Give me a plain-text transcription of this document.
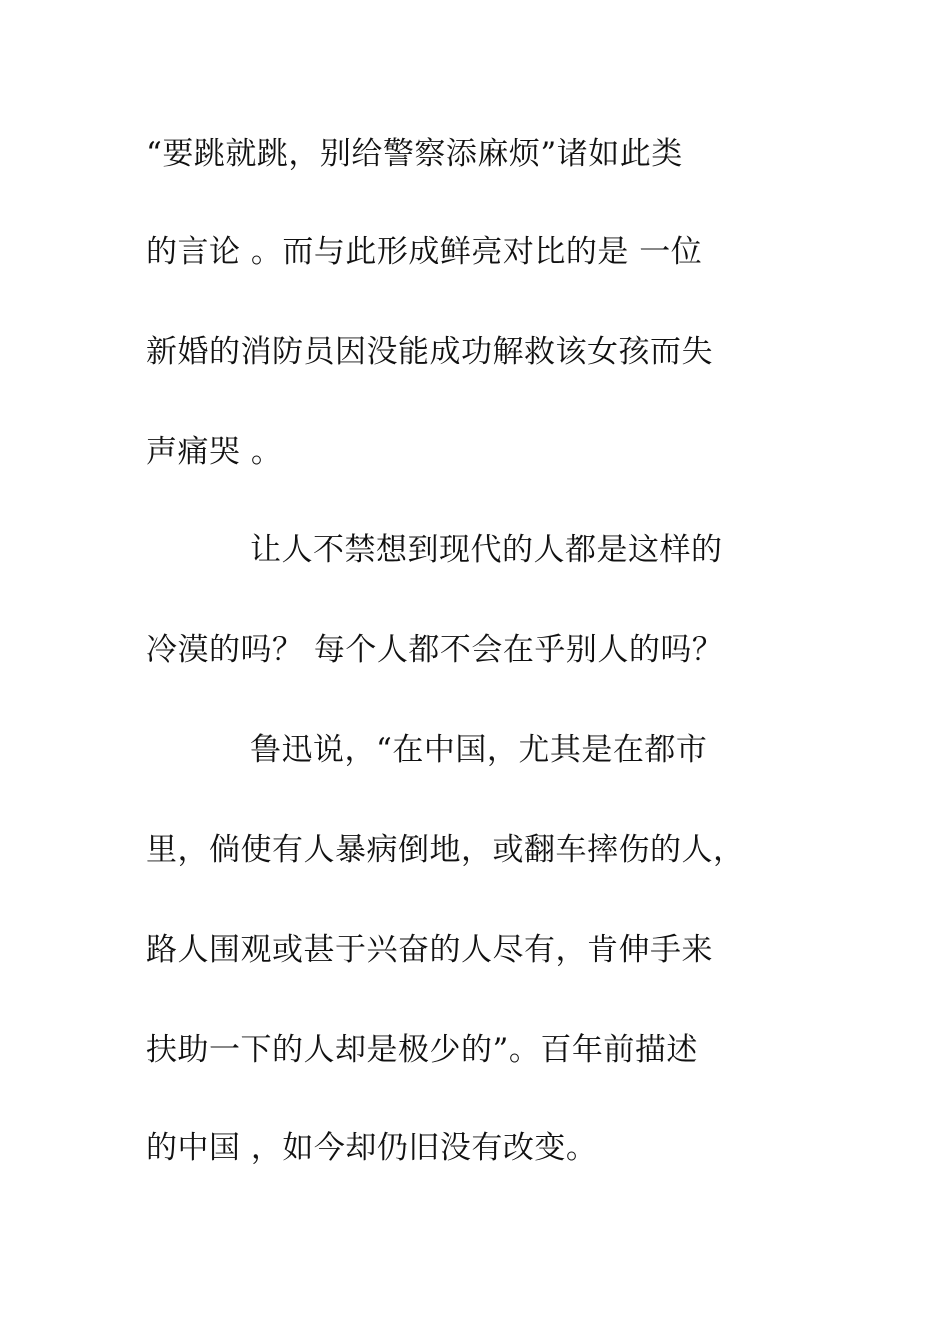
“要跳就跳，别给警察添麻烦”诸如此类
的言论 。而与此形成鲜亮对比的是 一位
新婚的消防员因没能成功解救该女孩而失
声痛哭 。
让人不禁想到现代的人都是这样的
冷漠的吗？ 每个人都不会在乎别人的吗？
鲁迅说，“在中国，尤其是在都市
里，倘使有人暴病倒地，或翻车摔伤的人，
路人围观或甚于兴奋的人尽有，肯伸手来
扶助一下的人却是极少的”。百年前描述
的中国 ，如今却仍旧没有改变。
